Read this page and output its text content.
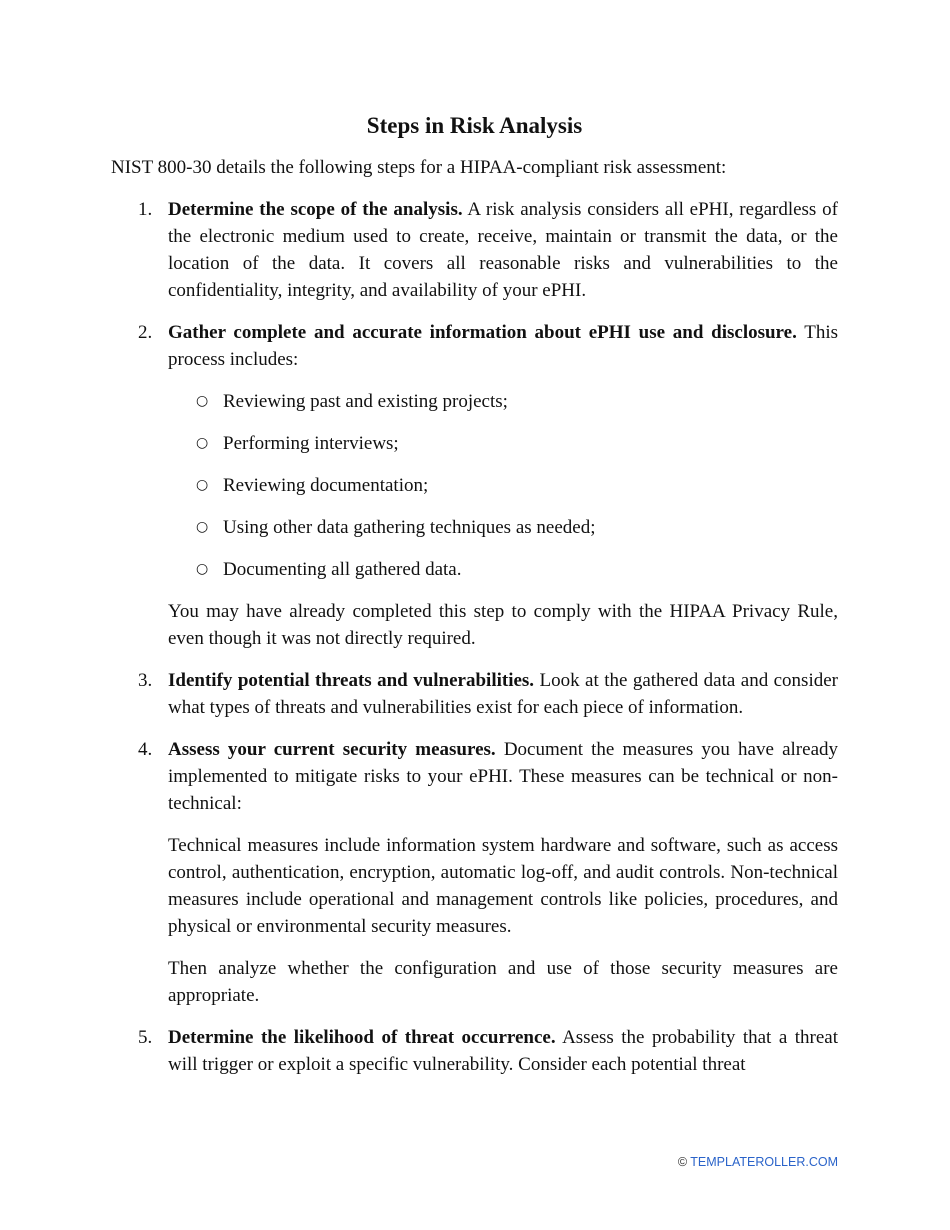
Steps in Risk Analysis

NIST 800-30 details the following steps for a HIPAA-compliant risk assessment:

1. Determine the scope of the analysis. A risk analysis considers all ePHI, regardless of the electronic medium used to create, receive, maintain or transmit the data, or the location of the data. It covers all reasonable risks and vulnerabilities to the confidentiality, integrity, and availability of your ePHI.

2. Gather complete and accurate information about ePHI use and disclosure. This process includes:

○ Reviewing past and existing projects;
○ Performing interviews;
○ Reviewing documentation;
○ Using other data gathering techniques as needed;
○ Documenting all gathered data.

You may have already completed this step to comply with the HIPAA Privacy Rule, even though it was not directly required.

3. Identify potential threats and vulnerabilities. Look at the gathered data and consider what types of threats and vulnerabilities exist for each piece of information.

4. Assess your current security measures. Document the measures you have already implemented to mitigate risks to your ePHI. These measures can be technical or non-technical:

Technical measures include information system hardware and software, such as access control, authentication, encryption, automatic log-off, and audit controls. Non-technical measures include operational and management controls like policies, procedures, and physical or environmental security measures.

Then analyze whether the configuration and use of those security measures are appropriate.

5. Determine the likelihood of threat occurrence. Assess the probability that a threat will trigger or exploit a specific vulnerability. Consider each potential threat

© TEMPLATEROLLER.COM
